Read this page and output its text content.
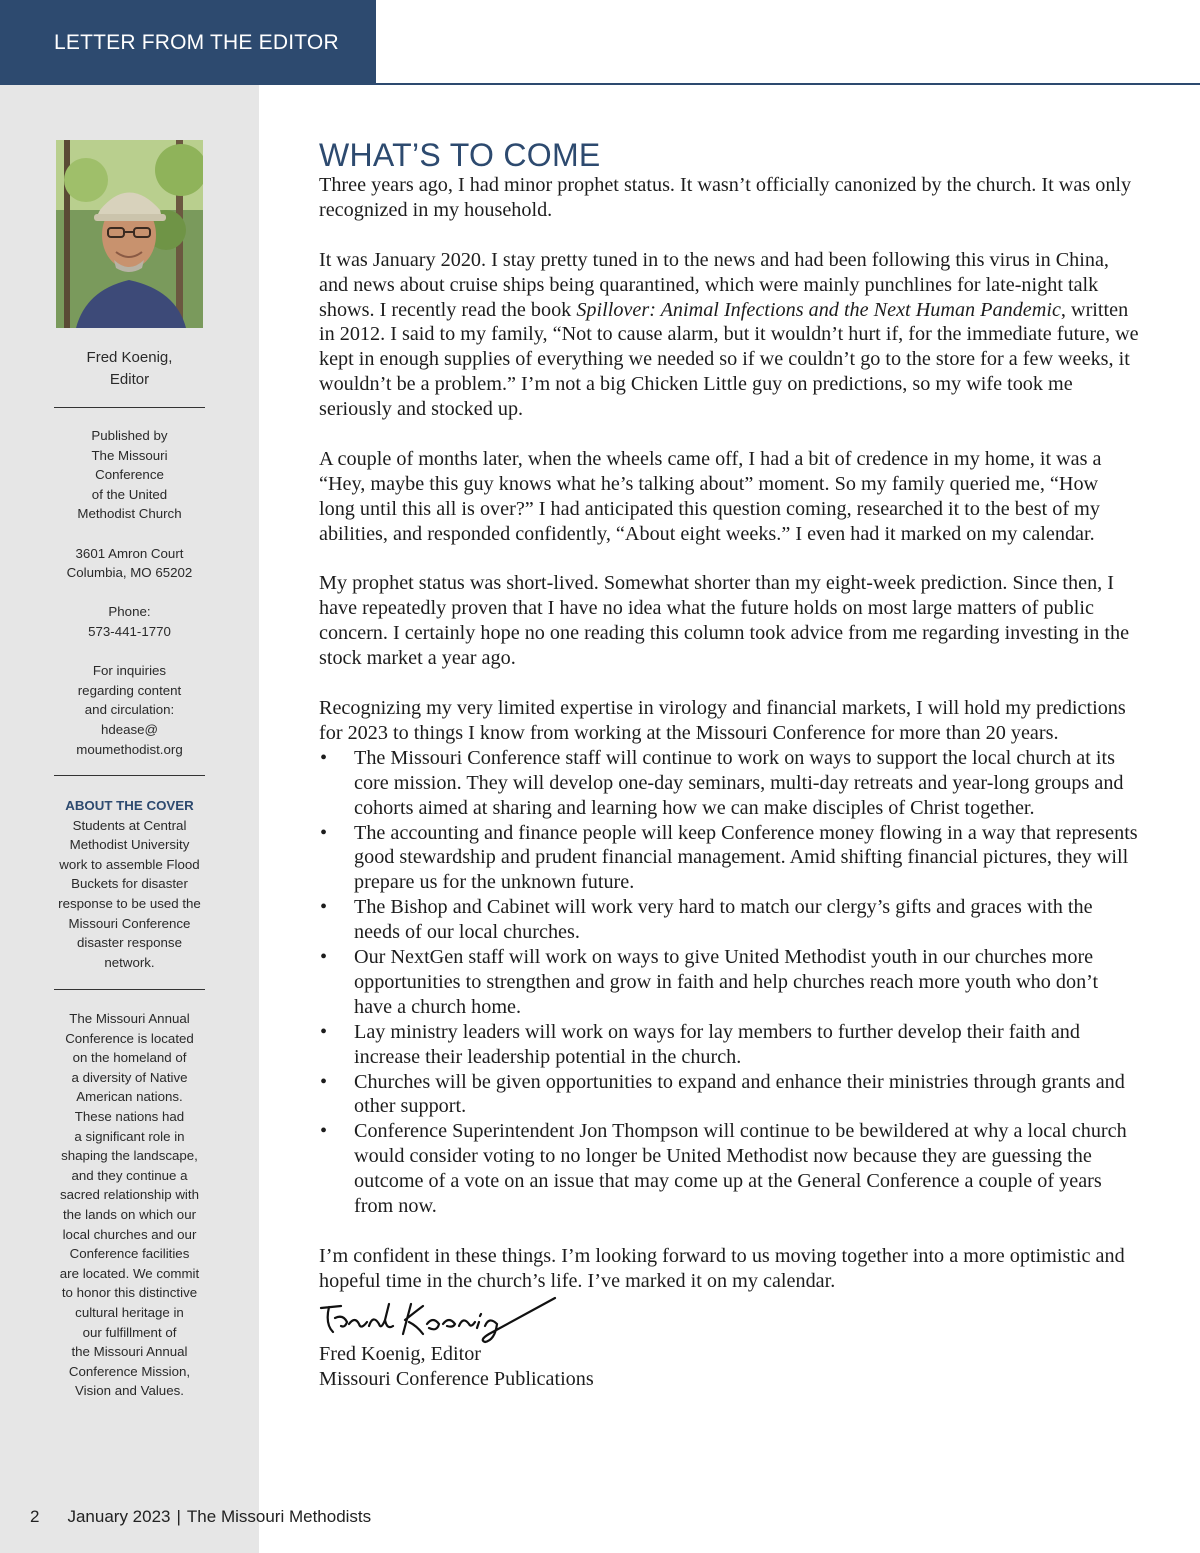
LETTER FROM THE EDITOR
Fred Koenig,
Editor

Published by

The Missouri

Conference

of the United

Methodist Church

3601 Amron Court

Columbia, MO 65202

Phone:

573-441-1770

For inquiries

regarding content

and circulation:

hdease@

moumethodist.org

ABOUT THE COVER

Students at Central

Methodist University

work to assemble Flood

Buckets for disaster

response to be used the

Missouri Conference

disaster response

network.

The Missouri Annual

Conference is located

on the homeland of

a diversity of Native

American nations.

These nations had

a significant role in

shaping the landscape,

and they continue a

sacred relationship with

the lands on which our

local churches and our

Conference facilities

are located. We commit

to honor this distinctive

cultural heritage in

our fulfillment of

the Missouri Annual

Conference Mission,

Vision and Values.

WHAT’S TO COME

Three years ago, I had minor prophet status. It wasn’t officially canonized by the church. It was only recognized in my household.

It was January 2020. I stay pretty tuned in to the news and had been following this virus in China, and news about cruise ships being quarantined, which were mainly punchlines for late-night talk shows. I recently read the book Spillover: Animal Infections and the Next Human Pandemic, written in 2012. I said to my family, “Not to cause alarm, but it wouldn’t hurt if, for the immediate future, we kept in enough supplies of everything we needed so if we couldn’t go to the store for a few weeks, it wouldn’t be a problem.” I’m not a big Chicken Little guy on predictions, so my wife took me seriously and stocked up.

A couple of months later, when the wheels came off, I had a bit of credence in my home, it was a “Hey, maybe this guy knows what he’s talking about” moment. So my family queried me, “How long until this all is over?” I had anticipated this question coming, researched it to the best of my abilities, and responded confidently, “About eight weeks.” I even had it marked on my calendar.

My prophet status was short-lived. Somewhat shorter than my eight-week prediction. Since then, I have repeatedly proven that I have no idea what the future holds on most large matters of public concern. I certainly hope no one reading this column took advice from me regarding investing in the stock market a year ago.

Recognizing my very limited expertise in virology and financial markets, I will hold my predictions for 2023 to things I know from working at the Missouri Conference for more than 20 years.

• The Missouri Conference staff will continue to work on ways to support the local church at its core mission. They will develop one-day seminars, multi-day retreats and year-long groups and cohorts aimed at sharing and learning how we can make disciples of Christ together.
• The accounting and finance people will keep Conference money flowing in a way that represents good stewardship and prudent financial management. Amid shifting financial pictures, they will prepare us for the unknown future.
• The Bishop and Cabinet will work very hard to match our clergy’s gifts and graces with the needs of our local churches.
• Our NextGen staff will work on ways to give United Methodist youth in our churches more opportunities to strengthen and grow in faith and help churches reach more youth who don’t have a church home.
• Lay ministry leaders will work on ways for lay members to further develop their faith and increase their leadership potential in the church.
• Churches will be given opportunities to expand and enhance their ministries through grants and other support.
• Conference Superintendent Jon Thompson will continue to be bewildered at why a local church would consider voting to no longer be United Methodist now because they are guessing the outcome of a vote on an issue that may come up at the General Conference a couple of years from now.

I’m confident in these things. I’m looking forward to us moving together into a more optimistic and hopeful time in the church’s life. I’ve marked it on my calendar.

Fred Koenig, Editor
Missouri Conference Publications
2 January 2023 | The Missouri Methodists
